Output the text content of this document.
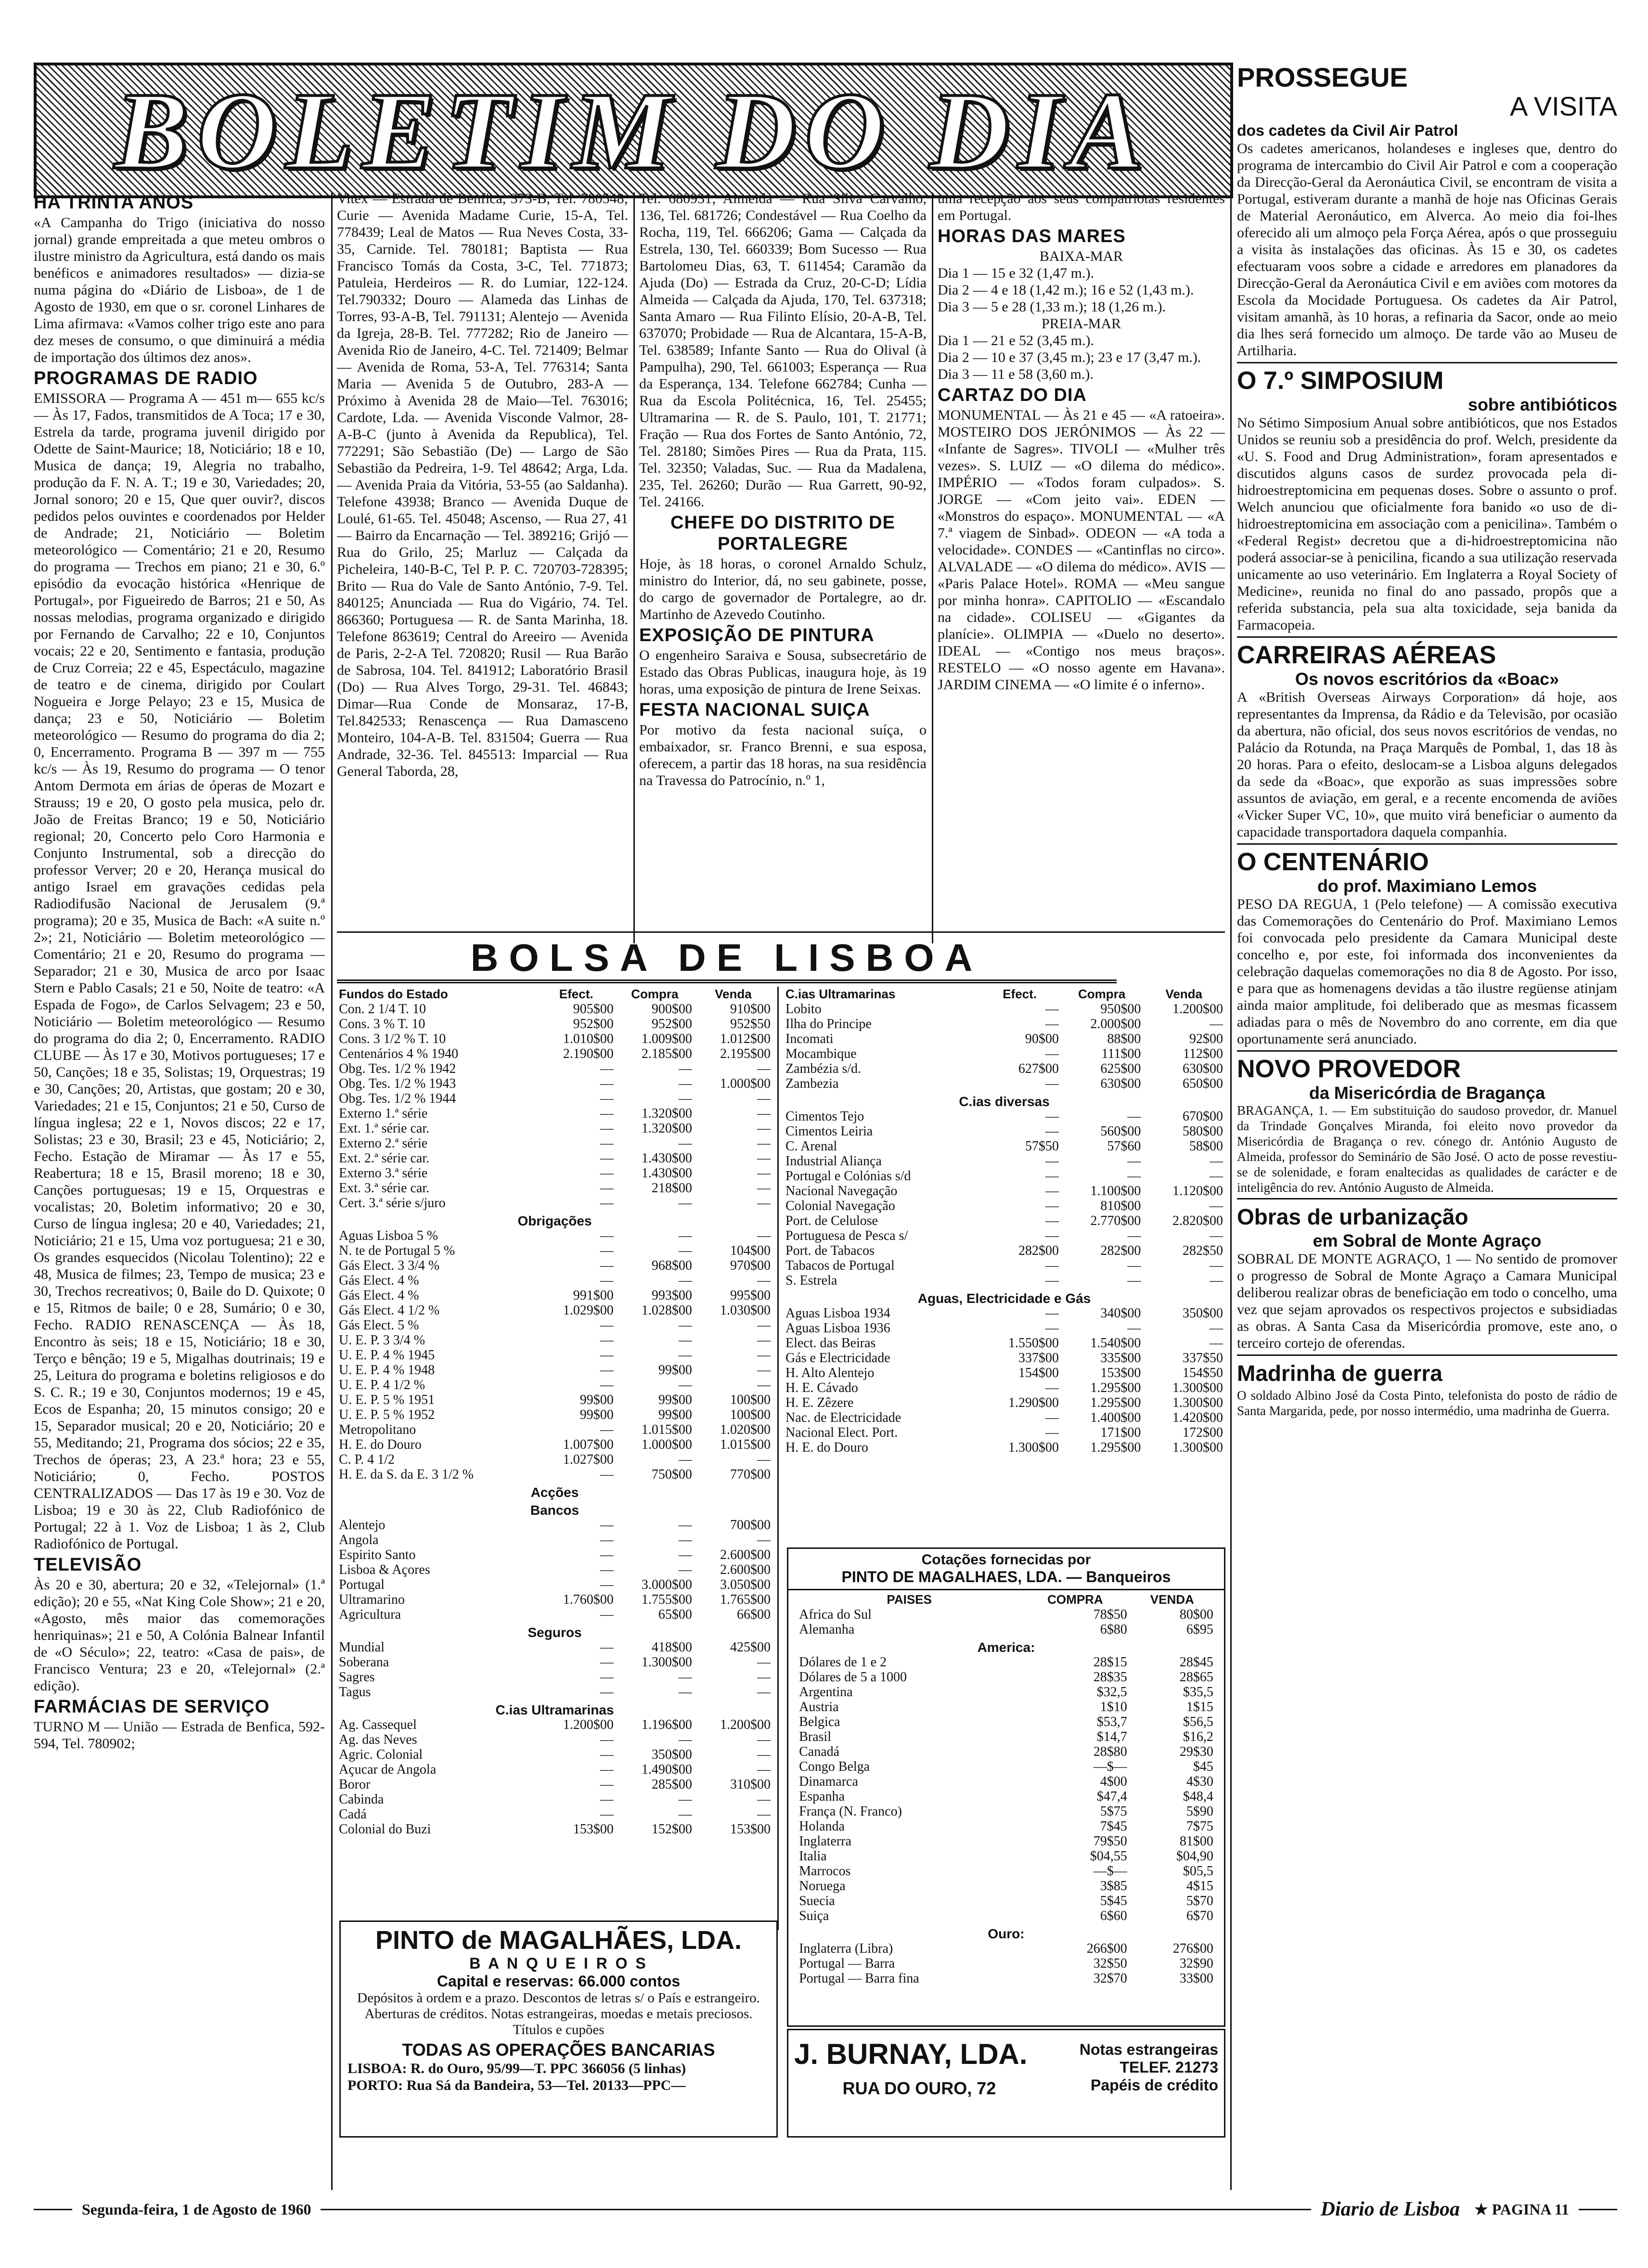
BOLETIM DO DIA
HA TRINTA ANOS

«A Campanha do Trigo (iniciativa do nosso jornal) grande empreitada a que meteu ombros o ilustre ministro da Agricultura, está dando os mais benéficos e animadores resultados» — dizia-se numa página do «Diário de Lisboa», de 1 de Agosto de 1930, em que o sr. coronel Linhares de Lima afirmava: «Vamos colher trigo este ano para dez meses de consumo, o que diminuirá a média de importação dos últimos dez anos».

PROGRAMAS DE RADIO

EMISSORA — Programa A — 451 m— 655 kc/s — Às 17, Fados, transmitidos de A Toca; 17 e 30, Estrela da tarde, programa juvenil dirigido por Odette de Saint-Maurice; 18, Noticiário; 18 e 10, Musica de dança; 19, Alegria no trabalho, produção da F. N. A. T.; 19 e 30, Variedades; 20, Jornal sonoro; 20 e 15, Que quer ouvir?, discos pedidos pelos ouvintes e coordenados por Helder de Andrade; 21, Noticiário — Boletim meteorológico — Comentário; 21 e 20, Resumo do programa — Trechos em piano; 21 e 30, 6.º episódio da evocação histórica «Henrique de Portugal», por Figueiredo de Barros; 21 e 50, As nossas melodias, programa organizado e dirigido por Fernando de Carvalho; 22 e 10, Conjuntos vocais; 22 e 20, Sentimento e fantasia, produção de Cruz Correia; 22 e 45, Espectáculo, magazine de teatro e de cinema, dirigido por Coulart Nogueira e Jorge Pelayo; 23 e 15, Musica de dança; 23 e 50, Noticiário — Boletim meteorológico — Resumo do programa do dia 2; 0, Encerramento. Programa B — 397 m — 755 kc/s — Às 19, Resumo do programa — O tenor Antom Dermota em árias de óperas de Mozart e Strauss; 19 e 20, O gosto pela musica, pelo dr. João de Freitas Branco; 19 e 50, Noticiário regional; 20, Concerto pelo Coro Harmonia e Conjunto Instrumental, sob a direcção do professor Verver; 20 e 20, Herança musical do antigo Israel em gravações cedidas pela Radiodifusão Nacional de Jerusalem (9.ª programa); 20 e 35, Musica de Bach: «A suite n.º 2»; 21, Noticiário — Boletim meteorológico — Comentário; 21 e 20, Resumo do programa — Separador; 21 e 30, Musica de arco por Isaac Stern e Pablo Casals; 21 e 50, Noite de teatro: «A Espada de Fogo», de Carlos Selvagem; 23 e 50, Noticiário — Boletim meteorológico — Resumo do programa do dia 2; 0, Encerramento. RADIO CLUBE — Às 17 e 30, Motivos portugueses; 17 e 50, Canções; 18 e 35, Solistas; 19, Orquestras; 19 e 30, Canções; 20, Artistas, que gostam; 20 e 30, Variedades; 21 e 15, Conjuntos; 21 e 50, Curso de língua inglesa; 22 e 1, Novos discos; 22 e 17, Solistas; 23 e 30, Brasil; 23 e 45, Noticiário; 2, Fecho. Estação de Miramar — Às 17 e 55, Reabertura; 18 e 15, Brasil moreno; 18 e 30, Canções portuguesas; 19 e 15, Orquestras e vocalistas; 20, Boletim informativo; 20 e 30, Curso de língua inglesa; 20 e 40, Variedades; 21, Noticiário; 21 e 15, Uma voz portuguesa; 21 e 30, Os grandes esquecidos (Nicolau Tolentino); 22 e 48, Musica de filmes; 23, Tempo de musica; 23 e 30, Trechos recreativos; 0, Baile do D. Quixote; 0 e 15, Ritmos de baile; 0 e 28, Sumário; 0 e 30, Fecho. RADIO RENASCENÇA — Às 18, Encontro às seis; 18 e 15, Noticiário; 18 e 30, Terço e bênção; 19 e 5, Migalhas doutrinais; 19 e 25, Leitura do programa e boletins religiosos e do S. C. R.; 19 e 30, Conjuntos modernos; 19 e 45, Ecos de Espanha; 20, 15 minutos consigo; 20 e 15, Separador musical; 20 e 20, Noticiário; 20 e 55, Meditando; 21, Programa dos sócios; 22 e 35, Trechos de óperas; 23, A 23.ª hora; 23 e 55, Noticiário; 0, Fecho. POSTOS CENTRALIZADOS — Das 17 às 19 e 30. Voz de Lisboa; 19 e 30 às 22, Club Radiofónico de Portugal; 22 à 1. Voz de Lisboa; 1 às 2, Club Radiofónico de Portugal.

TELEVISÃO

Às 20 e 30, abertura; 20 e 32, «Telejornal» (1.ª edição); 20 e 55, «Nat King Cole Show»; 21 e 20, «Agosto, mês maior das comemorações henriquinas»; 21 e 50, A Colónia Balnear Infantil de «O Século»; 22, teatro: «Casa de pais», de Francisco Ventura; 23 e 20, «Telejornal» (2.ª edição).

FARMÁCIAS DE SERVIÇO

TURNO M — União — Estrada de Benfica, 592-594, Tel. 780902;

Vitex — Estrada de Benfica, 373-B, Tel. 780548; Curie — Avenida Madame Curie, 15-A, Tel. 778439; Leal de Matos — Rua Neves Costa, 33-35, Carnide. Tel. 780181; Baptista — Rua Francisco Tomás da Costa, 3-C, Tel. 771873; Patuleia, Herdeiros — R. do Lumiar, 122-124. Tel.790332; Douro — Alameda das Linhas de Torres, 93-A-B, Tel. 791131; Alentejo — Avenida da Igreja, 28-B. Tel. 777282; Rio de Janeiro — Avenida Rio de Janeiro, 4-C. Tel. 721409; Belmar — Avenida de Roma, 53-A, Tel. 776314; Santa Maria — Avenida 5 de Outubro, 283-A — Próximo à Avenida 28 de Maio—Tel. 763016; Cardote, Lda. — Avenida Visconde Valmor, 28-A-B-C (junto à Avenida da Republica), Tel. 772291; São Sebastião (De) — Largo de São Sebastião da Pedreira, 1-9. Tel 48642; Arga, Lda. — Avenida Praia da Vitória, 53-55 (ao Saldanha). Telefone 43938; Branco — Avenida Duque de Loulé, 61-65. Tel. 45048; Ascenso, — Rua 27, 41 — Bairro da Encarnação — Tel. 389216; Grijó — Rua do Grilo, 25; Marluz — Calçada da Picheleira, 140-B-C, Tel P. P. C. 720703-728395; Brito — Rua do Vale de Santo António, 7-9. Tel. 840125; Anunciada — Rua do Vigário, 74. Tel. 866360; Portuguesa — R. de Santa Marinha, 18. Telefone 863619; Central do Areeiro — Avenida de Paris, 2-2-A Tel. 720820; Rusil — Rua Barão de Sabrosa, 104. Tel. 841912; Laboratório Brasil (Do) — Rua Alves Torgo, 29-31. Tel. 46843; Dimar—Rua Conde de Monsaraz, 17-B, Tel.842533; Renascença — Rua Damasceno Monteiro, 104-A-B. Tel. 831504; Guerra — Rua Andrade, 32-36. Tel. 845513: Imparcial — Rua General Taborda, 28,

Tel. 680931; Almeida — Rua Silva Carvalho, 136, Tel. 681726; Condestável — Rua Coelho da Rocha, 119, Tel. 666206; Gama — Calçada da Estrela, 130, Tel. 660339; Bom Sucesso — Rua Bartolomeu Dias, 63, T. 611454; Caramão da Ajuda (Do) — Estrada da Cruz, 20-C-D; Lídia Almeida — Calçada da Ajuda, 170, Tel. 637318; Santa Amaro — Rua Filinto Elísio, 20-A-B, Tel. 637070; Probidade — Rua de Alcantara, 15-A-B, Tel. 638589; Infante Santo — Rua do Olival (à Pampulha), 290, Tel. 661003; Esperança — Rua da Esperança, 134. Telefone 662784; Cunha — Rua da Escola Politécnica, 16, Tel. 25455; Ultramarina — R. de S. Paulo, 101, T. 21771; Fração — Rua dos Fortes de Santo António, 72, Tel. 28180; Simões Pires — Rua da Prata, 115. Tel. 32350; Valadas, Suc. — Rua da Madalena, 235, Tel. 26260; Durão — Rua Garrett, 90-92, Tel. 24166.

CHEFE DO DISTRITO DE PORTALEGRE

Hoje, às 18 horas, o coronel Arnaldo Schulz, ministro do Interior, dá, no seu gabinete, posse, do cargo de governador de Portalegre, ao dr. Martinho de Azevedo Coutinho.

EXPOSIÇÃO DE PINTURA

O engenheiro Saraiva e Sousa, subsecretário de Estado das Obras Publicas, inaugura hoje, às 19 horas, uma exposição de pintura de Irene Seixas.

FESTA NACIONAL SUIÇA

Por motivo da festa nacional suíça, o embaixador, sr. Franco Brenni, e sua esposa, oferecem, a partir das 18 horas, na sua residência na Travessa do Patrocínio, n.º 1,

uma recepção aos seus compatriotas residentes em Portugal.

HORAS DAS MARES

BAIXA-MAR

Dia 1 — 15 e 32 (1,47 m.).

Dia 2 — 4 e 18 (1,42 m.); 16 e 52 (1,43 m.).

Dia 3 — 5 e 28 (1,33 m.); 18 (1,26 m.).

PREIA-MAR

Dia 1 — 21 e 52 (3,45 m.).

Dia 2 — 10 e 37 (3,45 m.); 23 e 17 (3,47 m.).

Dia 3 — 11 e 58 (3,60 m.).

CARTAZ DO DIA

MONUMENTAL — Às 21 e 45 — «A ratoeira». MOSTEIRO DOS JERÓNIMOS — Às 22 — «Infante de Sagres». TIVOLI — «Mulher três vezes». S. LUIZ — «O dilema do médico». IMPÉRIO — «Todos foram culpados». S. JORGE — «Com jeito vai». EDEN — «Monstros do espaço». MONUMENTAL — «A 7.ª viagem de Sinbad». ODEON — «A toda a velocidade». CONDES — «Cantinflas no circo». ALVALADE — «O dilema do médico». AVIS — «Paris Palace Hotel». ROMA — «Meu sangue por minha honra». CAPITOLIO — «Escandalo na cidade». COLISEU — «Gigantes da planície». OLIMPIA — «Duelo no deserto». IDEAL — «Contigo nos meus braços». RESTELO — «O nosso agente em Havana». JARDIM CINEMA — «O limite é o inferno».

PROSSEGUE
A VISITA

dos cadetes da Civil Air Patrol

Os cadetes americanos, holandeses e ingleses que, dentro do programa de intercambio do Civil Air Patrol e com a cooperação da Direcção-Geral da Aeronáutica Civil, se encontram de visita a Portugal, estiveram durante a manhã de hoje nas Oficinas Gerais de Material Aeronáutico, em Alverca. Ao meio dia foi-lhes oferecido ali um almoço pela Força Aérea, após o que prosseguiu a visita às instalações das oficinas. Às 15 e 30, os cadetes efectuaram voos sobre a cidade e arredores em planadores da Direcção-Geral da Aeronáutica Civil e em aviões com motores da Escola da Mocidade Portuguesa. Os cadetes da Air Patrol, visitam amanhã, às 10 horas, a refinaria da Sacor, onde ao meio dia lhes será fornecido um almoço. De tarde vão ao Museu de Artilharia.

O 7.º SIMPOSIUM

sobre antibióticos

No Sétimo Simposium Anual sobre antibióticos, que nos Estados Unidos se reuniu sob a presidência do prof. Welch, presidente da «U. S. Food and Drug Administration», foram apresentados e discutidos alguns casos de surdez provocada pela di-hidroestreptomicina em pequenas doses. Sobre o assunto o prof. Welch anunciou que oficialmente fora banido «o uso de di-hidroestreptomicina em associação com a penicilina». Também o «Federal Regist» decretou que a di-hidroestreptomicina não poderá associar-se à penicilina, ficando a sua utilização reservada unicamente ao uso veterinário. Em Inglaterra a Royal Society of Medicine», reunida no final do ano passado, propôs que a referida substancia, pela sua alta toxicidade, seja banida da Farmacopeia.

CARREIRAS AÉREAS

Os novos escritórios da «Boac»

A «British Overseas Airways Corporation» dá hoje, aos representantes da Imprensa, da Rádio e da Televisão, por ocasião da abertura, não oficial, dos seus novos escritórios de vendas, no Palácio da Rotunda, na Praça Marquês de Pombal, 1, das 18 às 20 horas. Para o efeito, deslocam-se a Lisboa alguns delegados da sede da «Boac», que exporão as suas impressões sobre assuntos de aviação, em geral, e a recente encomenda de aviões «Vicker Super VC, 10», que muito virá beneficiar o aumento da capacidade transportadora daquela companhia.

O CENTENÁRIO

do prof. Maximiano Lemos

PESO DA REGUA, 1 (Pelo telefone) — A comissão executiva das Comemorações do Centenário do Prof. Maximiano Lemos foi convocada pelo presidente da Camara Municipal deste concelho e, por este, foi informada dos inconvenientes da celebração daquelas comemorações no dia 8 de Agosto. Por isso, e para que as homenagens devidas a tão ilustre regüense atinjam ainda maior amplitude, foi deliberado que as mesmas ficassem adiadas para o mês de Novembro do ano corrente, em dia que oportunamente será anunciado.

NOVO PROVEDOR

da Misericórdia de Bragança

BRAGANÇA, 1. — Em substituição do saudoso provedor, dr. Manuel da Trindade Gonçalves Miranda, foi eleito novo provedor da Misericórdia de Bragança o rev. cónego dr. António Augusto de Almeida, professor do Seminário de São José. O acto de posse revestiu-se de solenidade, e foram enaltecidas as qualidades de carácter e de inteligência do rev. António Augusto de Almeida.

Obras de urbanização

em Sobral de Monte Agraço

SOBRAL DE MONTE AGRAÇO, 1 — No sentido de promover o progresso de Sobral de Monte Agraço a Camara Municipal deliberou realizar obras de beneficiação em todo o concelho, uma vez que sejam aprovados os respectivos projectos e subsidiadas as obras. A Santa Casa da Misericórdia promove, este ano, o terceiro cortejo de oferendas.

Madrinha de guerra

O soldado Albino José da Costa Pinto, telefonista do posto de rádio de Santa Margarida, pede, por nosso intermédio, uma madrinha de Guerra.

BOLSA DE LISBOA
Fundos do Estado	Efect.	Compra	Venda
Con. 2 1/4 T. 10	905$00	900$00	910$00
Cons. 3 % T. 10	952$00	952$00	952$50
Cons. 3 1/2 % T. 10	1.010$00	1.009$00	1.012$00
Centenários 4 % 1940	2.190$00	2.185$00	2.195$00
Obg. Tes. 1/2 % 1942	—	—	—
Obg. Tes. 1/2 % 1943	—	—	1.000$00
Obg. Tes. 1/2 % 1944	—	—	—
Externo 1.ª série	—	1.320$00	—
Ext. 1.ª série car.	—	1.320$00	—
Externo 2.ª série	—	—	—
Ext. 2.ª série car.	—	1.430$00	—
Externo 3.ª série	—	1.430$00	—
Ext. 3.ª série car.	—	218$00	—
Cert. 3.ª série s/juro	—	—	—
Obrigações			
Aguas Lisboa 5 %	—	—	—
N. te de Portugal 5 %	—	—	104$00
Gás Elect. 3 3/4 %	—	968$00	970$00
Gás Elect. 4 %	—	—	—
Gás Elect. 4 %	991$00	993$00	995$00
Gás Elect. 4 1/2 %	1.029$00	1.028$00	1.030$00
Gás Elect. 5 %	—	—	—
U. E. P. 3 3/4 %	—	—	—
U. E. P. 4 % 1945	—	—	—
U. E. P. 4 % 1948	—	99$00	—
U. E. P. 4 1/2 %	—	—	—
U. E. P. 5 % 1951	99$00	99$00	100$00
U. E. P. 5 % 1952	99$00	99$00	100$00
Metropolitano	—	1.015$00	1.020$00
H. E. do Douro	1.007$00	1.000$00	1.015$00
C. P. 4 1/2	1.027$00	—	—
H. E. da S. da E. 3 1/2 %	—	750$00	770$00
Acções			
Bancos			
Alentejo	—	—	700$00
Angola	—	—	—
Espirito Santo	—	—	2.600$00
Lisboa & Açores	—	—	2.600$00
Portugal	—	3.000$00	3.050$00
Ultramarino	1.760$00	1.755$00	1.765$00
Agricultura	—	65$00	66$00
Seguros			
Mundial	—	418$00	425$00
Soberana	—	1.300$00	—
Sagres	—	—	—
Tagus	—	—	—
C.ias Ultramarinas			
Ag. Cassequel	1.200$00	1.196$00	1.200$00
Ag. das Neves	—	—	—
Agric. Colonial	—	350$00	—
Açucar de Angola	—	1.490$00	—
Boror	—	285$00	310$00
Cabinda	—	—	—
Cadá	—	—	—
Colonial do Buzi	153$00	152$00	153$00
C.ias Ultramarinas	Efect.	Compra	Venda
Lobito	—	950$00	1.200$00
Ilha do Principe	—	2.000$00	—
Incomati	90$00	88$00	92$00
Mocambique	—	111$00	112$00
Zambézia s/d.	627$00	625$00	630$00
Zambezia	—	630$00	650$00
C.ias diversas			
Cimentos Tejo	—	—	670$00
Cimentos Leiria	—	560$00	580$00
C. Arenal	57$50	57$60	58$00
Industrial Aliança	—	—	—
Portugal e Colónias s/d	—	—	—
Nacional Navegação	—	1.100$00	1.120$00
Colonial Navegação	—	810$00	—
Port. de Celulose	—	2.770$00	2.820$00
Portuguesa de Pesca s/	—	—	—
Port. de Tabacos	282$00	282$00	282$50
Tabacos de Portugal	—	—	—
S. Estrela	—	—	—
Aguas, Electricidade e Gás			
Aguas Lisboa 1934	—	340$00	350$00
Aguas Lisboa 1936	—	—	—
Elect. das Beiras	1.550$00	1.540$00	—
Gás e Electricidade	337$00	335$00	337$50
H. Alto Alentejo	154$00	153$00	154$50
H. E. Cávado	—	1.295$00	1.300$00
H. E. Zêzere	1.290$00	1.295$00	1.300$00
Nac. de Electricidade	—	1.400$00	1.420$00
Nacional Elect. Port.	—	171$00	172$00
H. E. do Douro	1.300$00	1.295$00	1.300$00
Cotações fornecidas por
PINTO DE MAGALHAES, LDA. — Banqueiros
PAISES	COMPRA	VENDA
Africa do Sul	78$50	80$00
Alemanha	6$80	6$95
America:		
Dólares de 1 e 2	28$15	28$45
Dólares de 5 a 1000	28$35	28$65
Argentina	$32,5	$35,5
Austria	1$10	1$15
Belgica	$53,7	$56,5
Brasil	$14,7	$16,2
Canadá	28$80	29$30
Congo Belga	—$—	$45
Dinamarca	4$00	4$30
Espanha	$47,4	$48,4
França (N. Franco)	5$75	5$90
Holanda	7$45	7$75
Inglaterra	79$50	81$00
Italia	$04,55	$04,90
Marrocos	—$—	$05,5
Noruega	3$85	4$15
Suecia	5$45	5$70
Suiça	6$60	6$70
Ouro:		
Inglaterra (Libra)	266$00	276$00
Portugal — Barra	32$50	32$90
Portugal — Barra fina	32$70	33$00
PINTO de MAGALHÃES, LDA.
B A N Q U E I R O S
Capital e reservas: 66.000 contos

Depósitos à ordem e a prazo. Descontos de letras s/ o País e estrangeiro. Aberturas de créditos. Notas estrangeiras, moedas e metais preciosos. Títulos e cupões

TODAS AS OPERAÇÕES BANCARIAS
LISBOA: R. do Ouro, 95/99—T. PPC 366056 (5 linhas)
PORTO: Rua Sá da Bandeira, 53—Tel. 20133—PPC—
J. BURNAY, LDA.
RUA DO OURO, 72
Notas estrangeiras
TELEF. 21273
Papéis de crédito
Segunda-feira, 1 de Agosto de 1960	Diario de Lisboa ★ PAGINA 11
